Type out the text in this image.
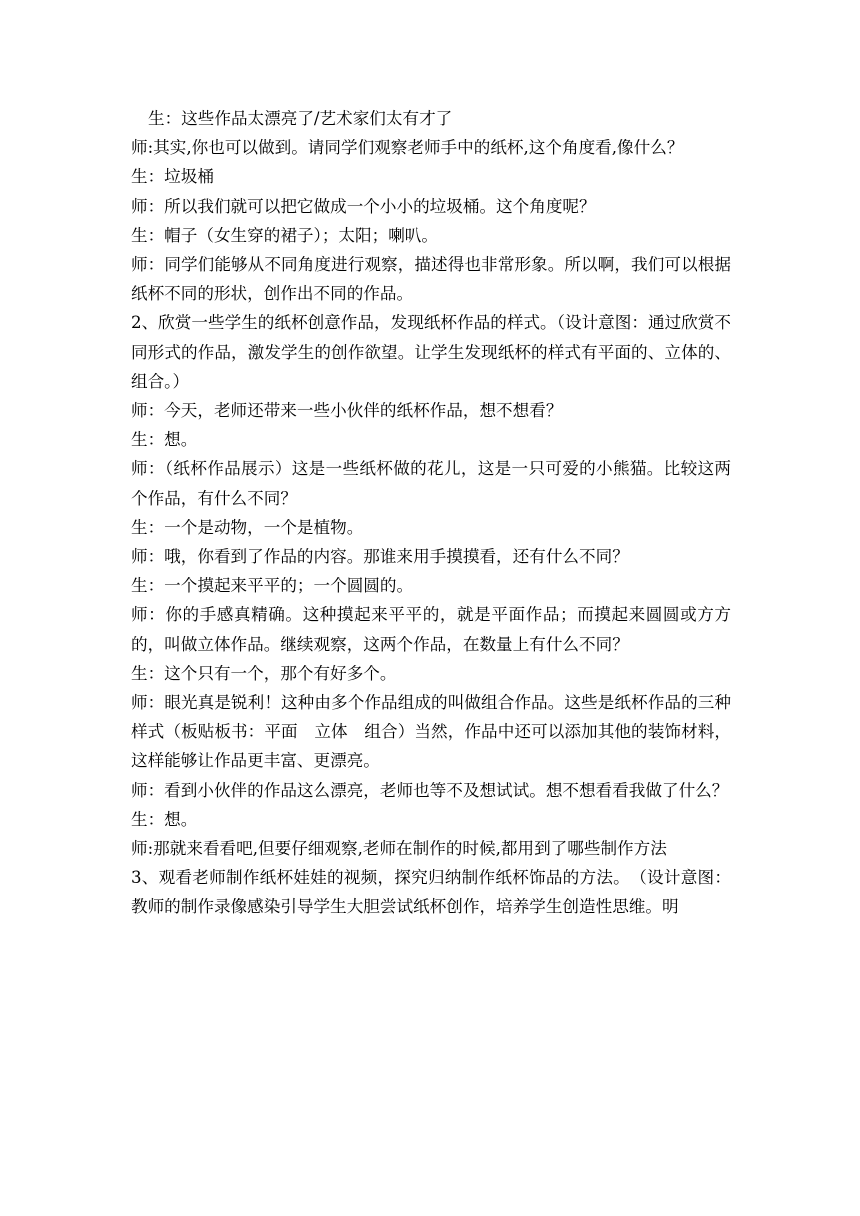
生：这些作品太漂亮了/艺术家们太有才了

师:其实,你也可以做到。请同学们观察老师手中的纸杯,这个角度看,像什么？

生：垃圾桶

师：所以我们就可以把它做成一个小小的垃圾桶。这个角度呢？

生：帽子（女生穿的裙子）；太阳；喇叭。

师：同学们能够从不同角度进行观察，描述得也非常形象。所以啊，我们可以根据纸杯不同的形状，创作出不同的作品。

2、欣赏一些学生的纸杯创意作品，发现纸杯作品的样式。（设计意图：通过欣赏不同形式的作品，激发学生的创作欲望。让学生发现纸杯的样式有平面的、立体的、组合。）

师：今天，老师还带来一些小伙伴的纸杯作品，想不想看？

生：想。

师：（纸杯作品展示）这是一些纸杯做的花儿，这是一只可爱的小熊猫。比较这两个作品，有什么不同？

生：一个是动物，一个是植物。

师：哦，你看到了作品的内容。那谁来用手摸摸看，还有什么不同？

生：一个摸起来平平的；一个圆圆的。

师：你的手感真精确。这种摸起来平平的，就是平面作品；而摸起来圆圆或方方的，叫做立体作品。继续观察，这两个作品，在数量上有什么不同？

生：这个只有一个，那个有好多个。

师：眼光真是锐利！这种由多个作品组成的叫做组合作品。这些是纸杯作品的三种样式（板贴板书：平面　立体　组合）当然，作品中还可以添加其他的装饰材料，这样能够让作品更丰富、更漂亮。

师：看到小伙伴的作品这么漂亮，老师也等不及想试试。想不想看看我做了什么？

生：想。

师:那就来看看吧,但要仔细观察,老师在制作的时候,都用到了哪些制作方法

3、观看老师制作纸杯娃娃的视频，探究归纳制作纸杯饰品的方法。　（设计意图：教师的制作录像感染引导学生大胆尝试纸杯创作，培养学生创造性思维。明
